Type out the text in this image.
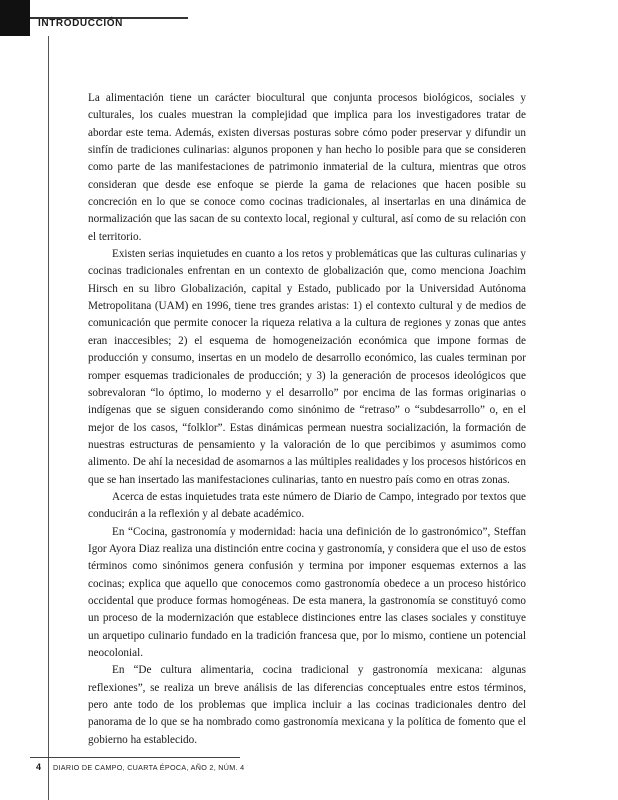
INTRODUCCIÓN

La alimentación tiene un carácter biocultural que conjunta procesos biológicos, sociales y culturales, los cuales muestran la complejidad que implica para los investigadores tratar de abordar este tema. Además, existen diversas posturas sobre cómo poder preservar y difundir un sinfín de tradiciones culinarias: algunos proponen y han hecho lo posible para que se consideren como parte de las manifestaciones de patrimonio inmaterial de la cultura, mientras que otros consideran que desde ese enfoque se pierde la gama de relaciones que hacen posible su concreción en lo que se conoce como cocinas tradicionales, al insertarlas en una dinámica de normalización que las sacan de su contexto local, regional y cultural, así como de su relación con el territorio.

Existen serias inquietudes en cuanto a los retos y problemáticas que las culturas culinarias y cocinas tradicionales enfrentan en un contexto de globalización que, como menciona Joachim Hirsch en su libro Globalización, capital y Estado, publicado por la Universidad Autónoma Metropolitana (UAM) en 1996, tiene tres grandes aristas: 1) el contexto cultural y de medios de comunicación que permite conocer la riqueza relativa a la cultura de regiones y zonas que antes eran inaccesibles; 2) el esquema de homogeneización económica que impone formas de producción y consumo, insertas en un modelo de desarrollo económico, las cuales terminan por romper esquemas tradicionales de producción; y 3) la generación de procesos ideológicos que sobrevaloran “lo óptimo, lo moderno y el desarrollo” por encima de las formas originarias o indígenas que se siguen considerando como sinónimo de “retraso” o “subdesarrollo” o, en el mejor de los casos, “folklor”. Estas dinámicas permean nuestra socialización, la formación de nuestras estructuras de pensamiento y la valoración de lo que percibimos y asumimos como alimento. De ahí la necesidad de asomarnos a las múltiples realidades y los procesos históricos en que se han insertado las manifestaciones culinarias, tanto en nuestro país como en otras zonas.

Acerca de estas inquietudes trata este número de Diario de Campo, integrado por textos que conducirán a la reflexión y al debate académico.

En “Cocina, gastronomía y modernidad: hacia una definición de lo gastronómico”, Steffan Igor Ayora Diaz realiza una distinción entre cocina y gastronomía, y considera que el uso de estos términos como sinónimos genera confusión y termina por imponer esquemas externos a las cocinas; explica que aquello que conocemos como gastronomía obedece a un proceso histórico occidental que produce formas homogéneas. De esta manera, la gastronomía se constituyó como un proceso de la modernización que establece distinciones entre las clases sociales y constituye un arquetipo culinario fundado en la tradición francesa que, por lo mismo, contiene un potencial neocolonial.

En “De cultura alimentaria, cocina tradicional y gastronomía mexicana: algunas reflexiones”, se realiza un breve análisis de las diferencias conceptuales entre estos términos, pero ante todo de los problemas que implica incluir a las cocinas tradicionales dentro del panorama de lo que se ha nombrado como gastronomía mexicana y la política de fomento que el gobierno ha establecido.

4 DIARIO DE CAMPO, CUARTA ÉPOCA, AÑO 2, NÚM. 4
